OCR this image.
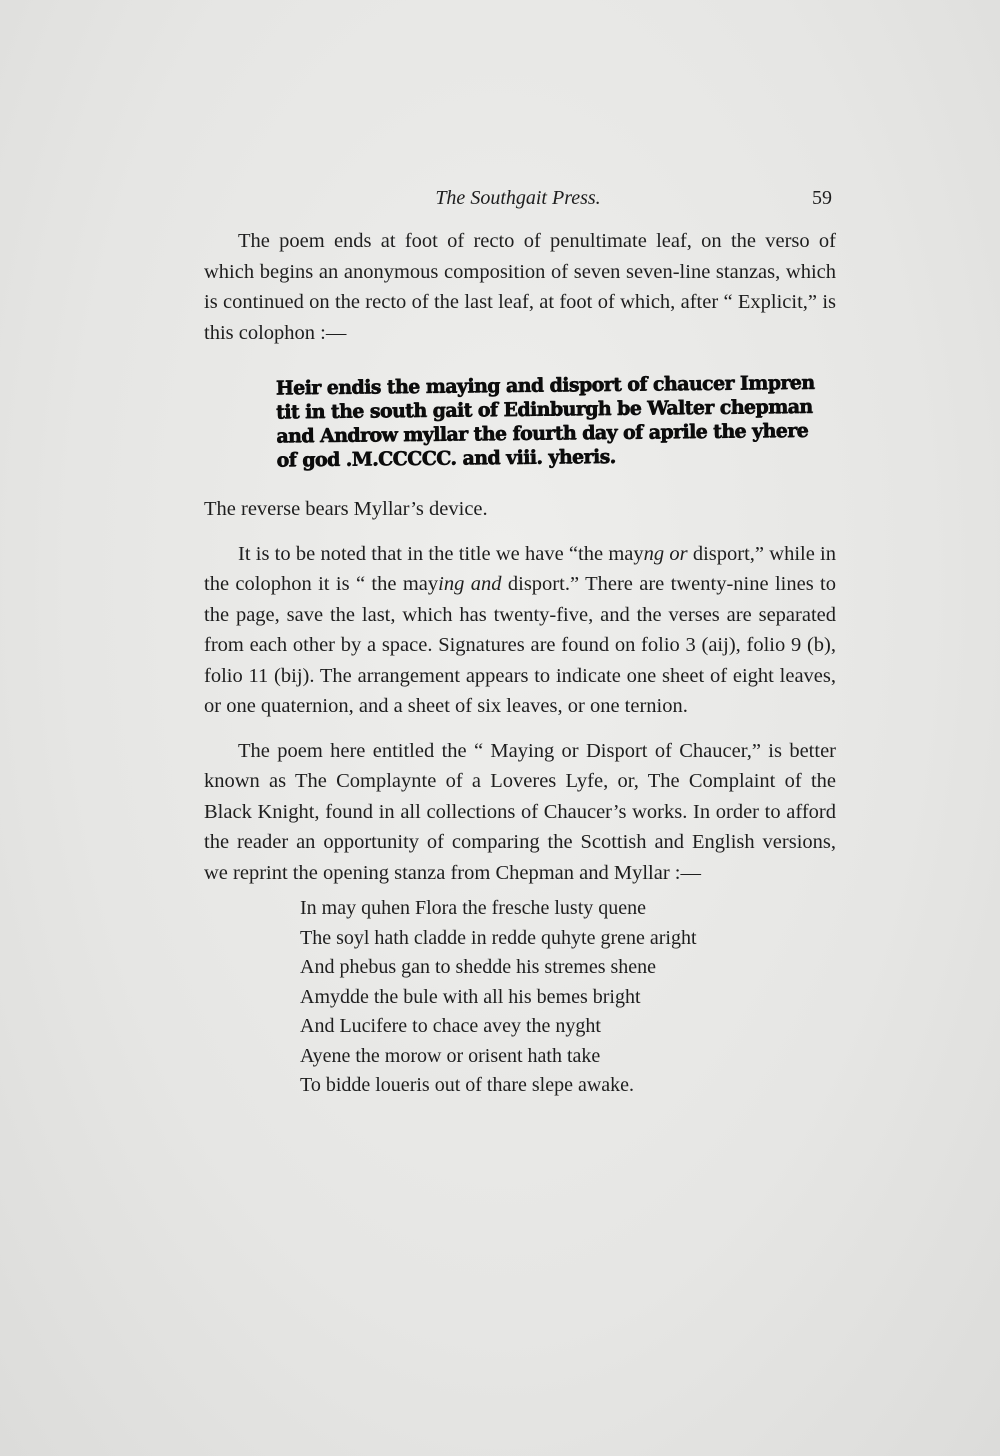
The Southgait Press.	59

The poem ends at foot of recto of penultimate leaf, on the verso of which begins an anonymous composition of seven seven-line stanzas, which is continued on the recto of the last leaf, at foot of which, after “ Explicit,” is this colophon :—

Heir endis the maying and disport of chaucer Impren
tit in the south gait of Edinburgh be Walter chepman
and Androw myllar the fourth day of aprile the yhere
of god .M.CCCCC. and viii. yheris.

The reverse bears Myllar’s device.

It is to be noted that in the title we have “the mayng or disport,” while in the colophon it is “ the maying and disport.” There are twenty-nine lines to the page, save the last, which has twenty-five, and the verses are separated from each other by a space. Signatures are found on folio 3 (aij), folio 9 (b), folio 11 (bij). The arrangement appears to indicate one sheet of eight leaves, or one quaternion, and a sheet of six leaves, or one ternion.

The poem here entitled the “ Maying or Disport of Chaucer,” is better known as The Complaynte of a Loveres Lyfe, or, The Complaint of the Black Knight, found in all collections of Chaucer’s works. In order to afford the reader an opportunity of comparing the Scottish and English versions, we reprint the opening stanza from Chepman and Myllar :—

In may quhen Flora the fresche lusty quene
The soyl hath cladde in redde quhyte grene aright
And phebus gan to shedde his stremes shene
Amydde the bule with all his bemes bright
And Lucifere to chace avey the nyght
Ayene the morow or orisent hath take
To bidde loueris out of thare slepe awake.
